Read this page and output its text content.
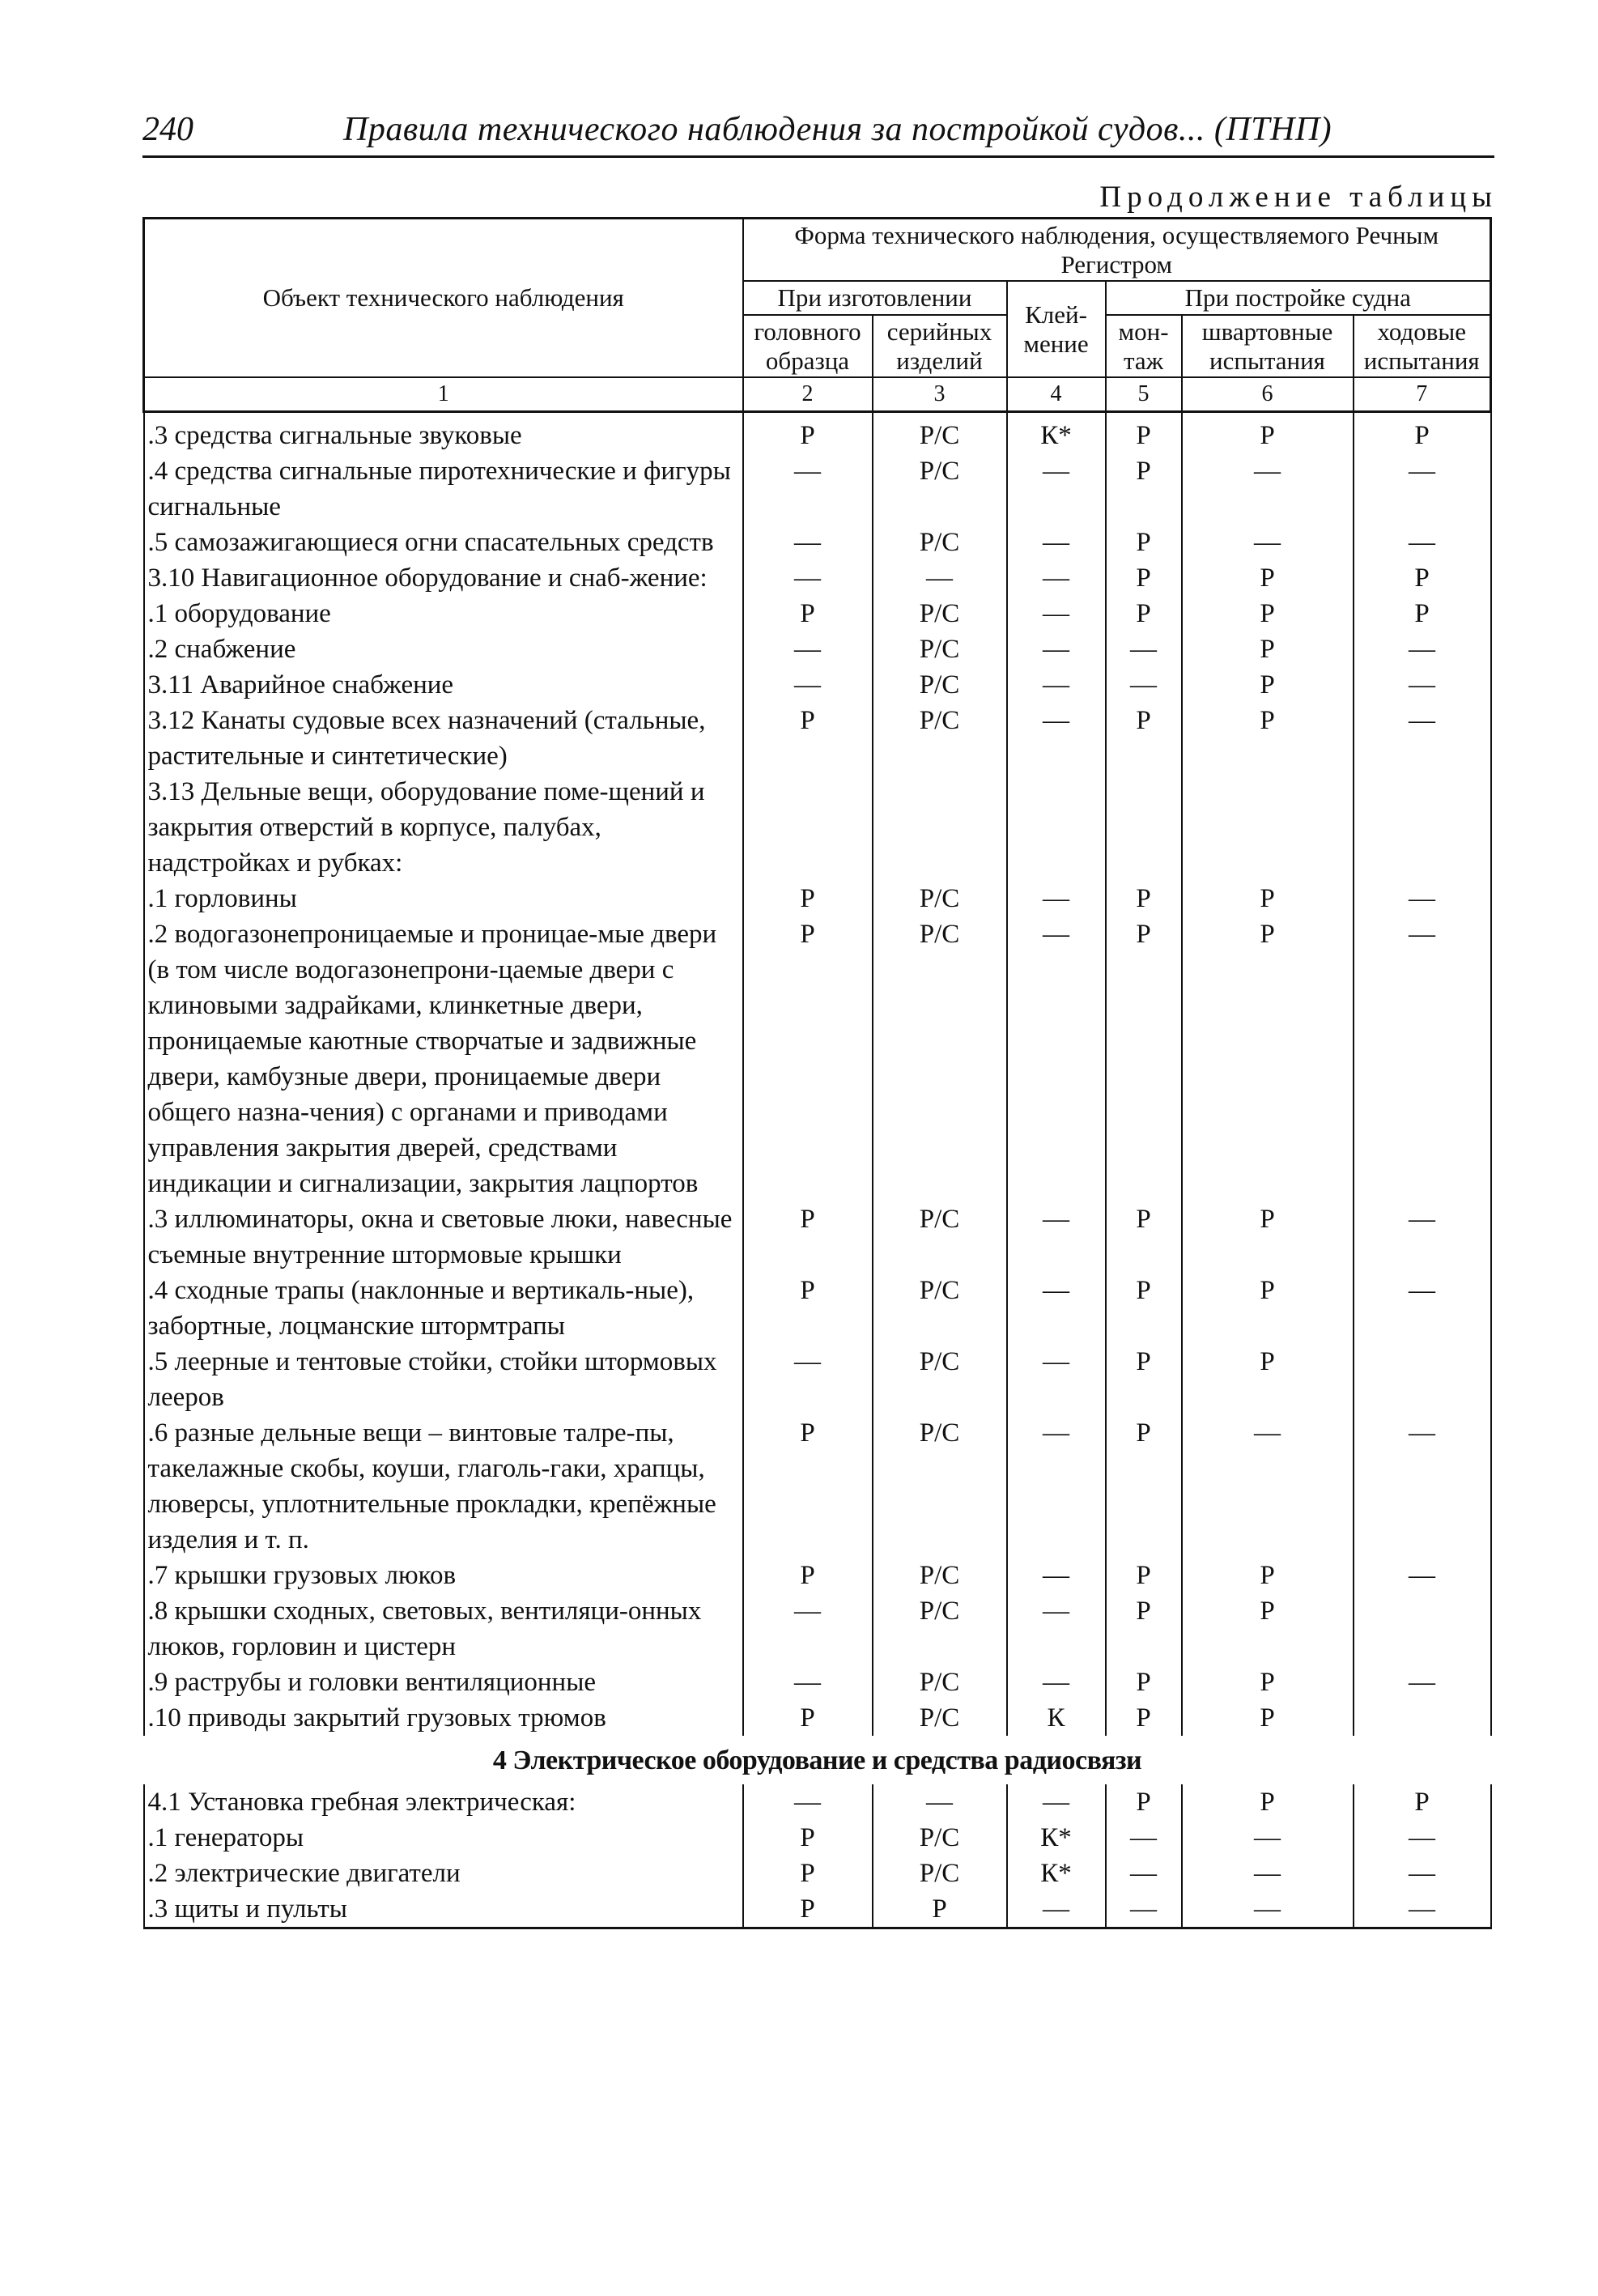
240	Правила технического наблюдения за постройкой судов... (ПТНП)
Продолжение таблицы
Объект технического наблюдения	Форма технического наблюдения, осуществляемого Речным Регистром					
	При изготовлении		Клей-мение	При постройке судна		
	головного образца	серийных изделий		мон-таж	швартовные испытания	ходовые испытания
1	2	3	4	5	6	7
.3 средства сигнальные звуковые	Р	Р/С	К*	Р	Р	Р
.4 средства сигнальные пиротехнические и фигуры сигнальные	—	Р/С	—	Р	—	—
.5 самозажигающиеся огни спасательных средств	—	Р/С	—	Р	—	—
3.10 Навигационное оборудование и снаб-жение:	—	—	—	Р	Р	Р
.1 оборудование	Р	Р/С	—	Р	Р	Р
.2 снабжение	—	Р/С	—	—	Р	—
3.11 Аварийное снабжение	—	Р/С	—	—	Р	—
3.12 Канаты судовые всех назначений (стальные, растительные и синтетические)	Р	Р/С	—	Р	Р	—
3.13 Дельные вещи, оборудование поме-щений и закрытия отверстий в корпусе, палубах, надстройках и рубках:						
.1 горловины	Р	Р/С	—	Р	Р	—
.2 водогазонепроницаемые и проницае-мые двери (в том числе водогазонепрони-цаемые двери с клиновыми задрайками, клинкетные двери, проницаемые каютные створчатые и задвижные двери, камбузные двери, проницаемые двери общего назна-чения) с органами и приводами управления закрытия дверей, средствами индикации и сигнализации, закрытия лацпортов	Р	Р/С	—	Р	Р	—
.3 иллюминаторы, окна и световые люки, навесные съемные внутренние штормовые крышки	Р	Р/С	—	Р	Р	—
.4 сходные трапы (наклонные и вертикаль-ные), забортные, лоцманские штормтрапы	Р	Р/С	—	Р	Р	—
.5 леерные и тентовые стойки, стойки штормовых лееров	—	Р/С	—	Р	Р	
.6 разные дельные вещи – винтовые талре-пы, такелажные скобы, коуши, глаголь-гаки, храпцы, люверсы, уплотнительные прокладки, крепёжные изделия и т. п.	Р	Р/С	—	Р	—	—
.7 крышки грузовых люков	Р	Р/С	—	Р	Р	—
.8 крышки сходных, световых, вентиляци-онных люков, горловин и цистерн	—	Р/С	—	Р	Р	
.9 раструбы и головки вентиляционные	—	Р/С	—	Р	Р	—
.10 приводы закрытий грузовых трюмов	Р	Р/С	К	Р	Р	
4 Электрическое оборудование и средства радиосвязи						
4.1 Установка гребная электрическая:	—	—	—	Р	Р	Р
.1 генераторы	Р	Р/С	К*	—	—	—
.2 электрические двигатели	Р	Р/С	К*	—	—	—
.3 щиты и пульты	Р	Р	—	—	—	—
